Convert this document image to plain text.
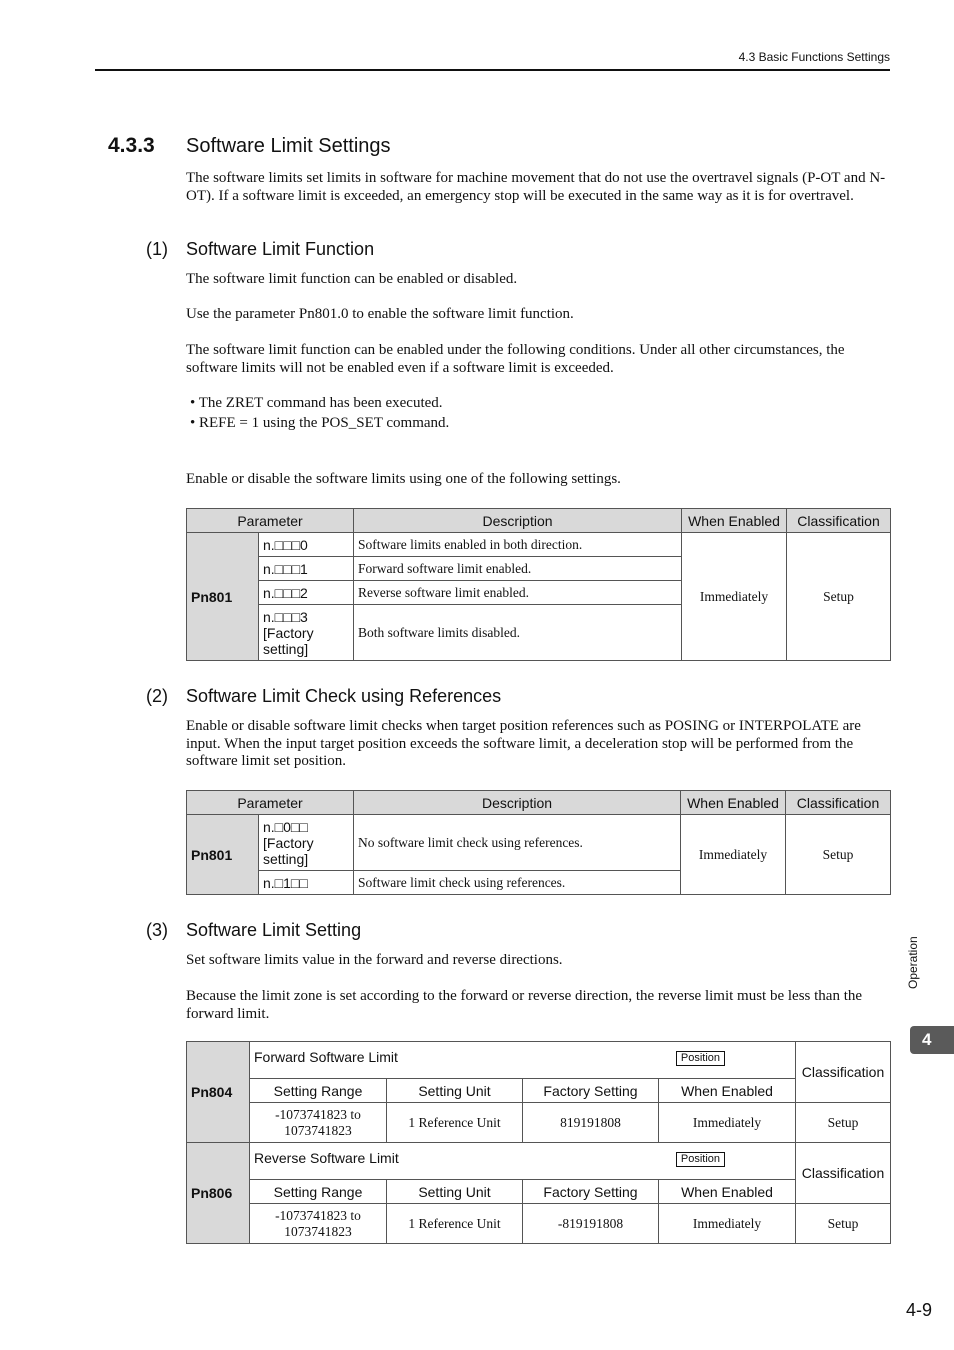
4.3 Basic Functions Settings
4.3.3 Software Limit Settings
The software limits set limits in software for machine movement that do not use the overtravel signals (P-OT and N-OT). If a software limit is exceeded, an emergency stop will be executed in the same way as it is for overtravel.
(1) Software Limit Function
The software limit function can be enabled or disabled.
Use the parameter Pn801.0 to enable the software limit function.
The software limit function can be enabled under the following conditions. Under all other circumstances, the software limits will not be enabled even if a software limit is exceeded.
• The ZRET command has been executed.
• REFE = 1 using the POS_SET command.
Enable or disable the software limits using one of the following settings.
Parameter		Description	When Enabled	Classification
Pn801	n.□□□0	Software limits enabled in both direction.	Immediately	Setup
	n.□□□1	Forward software limit enabled.		
	n.□□□2	Reverse software limit enabled.		

	n.□□□3
[Factory setting]	Both software limits disabled.		
(2) Software Limit Check using References
Enable or disable software limit checks when target position references such as POSING or INTERPOLATE are input. When the input target position exceeds the software limit, a deceleration stop will be performed from the software limit set position.
Parameter		Description	When Enabled	Classification
Pn801	n.□0□□
[Factory setting]	No software limit check using references.	Immediately	Setup
	n.□1□□	Software limit check using references.		
(3) Software Limit Setting
Set software limits value in the forward and reverse directions.
Because the limit zone is set according to the forward or reverse direction, the reverse limit must be less than the forward limit.
Pn804	Forward Software Limit Position				Classification
	Setting Range	Setting Unit	Factory Setting	When Enabled	
	-1073741823 to 1073741823	1 Reference Unit	819191808	Immediately	Setup
Pn806	Reverse Software Limit Position				Classification
	Setting Range	Setting Unit	Factory Setting	When Enabled	
	-1073741823 to 1073741823	1 Reference Unit	-819191808	Immediately	Setup
Operation
4
4-9
